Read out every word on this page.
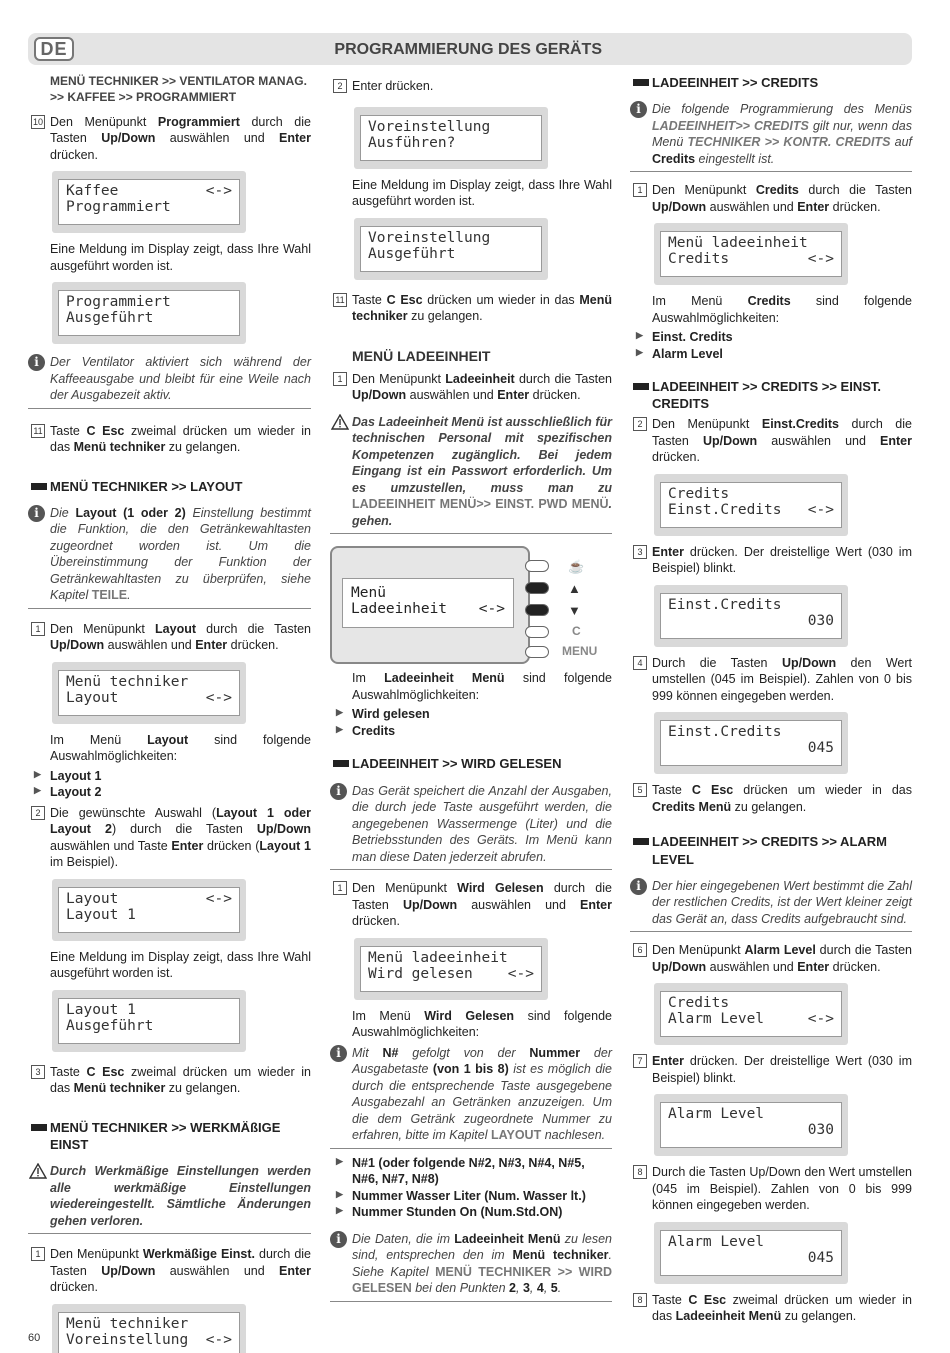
DE	PROGRAMMIERUNG DES GERÄTS
MENÜ TECHNIKER >> VENTILATOR MANAG. >> KAFFEE >> PROGRAMMIERT
10 Den Menüpunkt Programmiert durch die Tasten Up/Down auswählen und Enter drücken.
Kaffee	<->
Programmiert
Eine Meldung im Display zeigt, dass Ihre Wahl ausgeführt worden ist.
Programmiert
Ausgeführt
i Der Ventilator aktiviert sich während der Kaffeeausgabe und bleibt für eine Weile nach der Ausgabezeit aktiv.
11 Taste C Esc zweimal drücken um wieder in das Menü techniker zu gelangen.
MENÜ TECHNIKER >> LAYOUT
i Die Layout (1 oder 2) Einstellung bestimmt die Funktion, die den Getränkewahltasten zugeordnet worden ist. Um die Übereinstimmung der Funktion der Getränkewahltasten zu überprüfen, siehe Kapitel TEILE.
1 Den Menüpunkt Layout durch die Tasten Up/Down auswählen und Enter drücken.
Menü techniker
Layout	<->
Im Menü Layout sind folgende Auswahlmöglichkeiten:
▶ Layout 1
▶ Layout 2
2 Die gewünschte Auswahl (Layout 1 oder Layout 2) durch die Tasten Up/Down auswählen und Taste Enter drücken (Layout 1 im Beispiel).
Layout	<->
Layout 1
Eine Meldung im Display zeigt, dass Ihre Wahl ausgeführt worden ist.
Layout 1
Ausgeführt
3 Taste C Esc zweimal drücken um wieder in das Menü techniker zu gelangen.
MENÜ TECHNIKER >> WERKMÄßIGE EINST
Durch Werkmäßige Einstellungen werden alle werkmäßige Einstellungen wiedereingestellt. Sämtliche Änderungen gehen verloren.
1 Den Menüpunkt Werkmäßige Einst. durch die Tasten Up/Down auswählen und Enter drücken.
Menü techniker
Voreinstellung <->
2 Enter drücken.
Voreinstellung
Ausführen?
Eine Meldung im Display zeigt, dass Ihre Wahl ausgeführt worden ist.
Voreinstellung
Ausgeführt
11 Taste C Esc drücken um wieder in das Menü techniker zu gelangen.
MENÜ LADEEINHEIT
1 Den Menüpunkt Ladeeinheit durch die Tasten Up/Down auswählen und Enter drücken.
Das Ladeeinheit Menü ist ausschließlich für technischen Personal mit spezifischen Kompetenzen zugänglich. Bei jedem Eingang ist ein Passwort erforderlich. Um es umzustellen, muss man zu LADEEINHEIT MENÜ>> EINST. PWD MENÜ. gehen.
Menü
Ladeeinheit <->
☕
▲
▼
C
MENU
Im Ladeeinheit Menü sind folgende Auswahlmöglichkeiten:
▶ Wird gelesen
▶ Credits
LADEEINHEIT >> WIRD GELESEN
i Das Gerät speichert die Anzahl der Ausgaben, die durch jede Taste ausgeführt werden, die angegebenen Wassermenge (Liter) und die Betriebsstunden des Geräts. Im Menü kann man diese Daten jederzeit abrufen.
1 Den Menüpunkt Wird Gelesen durch die Tasten Up/Down auswählen und Enter drücken.
Menü ladeeinheit
Wird gelesen <->
Im Menü Wird Gelesen sind folgende Auswahlmöglichkeiten:
i Mit N# gefolgt von der Nummer der Ausgabetaste (von 1 bis 8) ist es möglich die durch die entsprechende Taste ausgegebene Ausgabezahl an Getränken anzuzeigen. Um die dem Getränk zugeordnete Nummer zu erfahren, bitte im Kapitel LAYOUT nachlesen.
▶ N#1 (oder folgende N#2, N#3, N#4, N#5, N#6, N#7, N#8)
▶ Nummer Wasser Liter (Num. Wasser lt.)
▶ Nummer Stunden On (Num.Std.ON)
i Die Daten, die im Ladeeinheit Menü zu lesen sind, entsprechen den im Menü techniker. Siehe Kapitel MENÜ TECHNIKER >> WIRD GELESEN bei den Punkten 2, 3, 4, 5.
LADEEINHEIT >> CREDITS
i Die folgende Programmierung des Menüs LADEEINHEIT>> CREDITS gilt nur, wenn das Menü TECHNIKER >> KONTR. CREDITS auf Credits eingestellt ist.
1 Den Menüpunkt Credits durch die Tasten Up/Down auswählen und Enter drücken.
Menü ladeeinheit
Credits	<->
Im Menü Credits sind folgende Auswahlmöglichkeiten:
▶ Einst. Credits
▶ Alarm Level
LADEEINHEIT >> CREDITS >> EINST. CREDITS
2 Den Menüpunkt Einst.Credits durch die Tasten Up/Down auswählen und Enter drücken.
Credits
Einst.Credits <->
3 Enter drücken. Der dreistellige Wert (030 im Beispiel) blinkt.
Einst.Credits
030
4 Durch die Tasten Up/Down den Wert umstellen (045 im Beispiel). Zahlen von 0 bis 999 können eingegeben werden.
Einst.Credits
045
5 Taste C Esc drücken um wieder in das Credits Menü zu gelangen.
LADEEINHEIT >> CREDITS >> ALARM LEVEL
i Der hier eingegebenen Wert bestimmt die Zahl der restlichen Credits, ist der Wert kleiner zeigt das Gerät an, dass Credits aufgebraucht sind.
6 Den Menüpunkt Alarm Level durch die Tasten Up/Down auswählen und Enter drücken.
Credits
Alarm Level	<->
7 Enter drücken. Der dreistellige Wert (030 im Beispiel) blinkt.
Alarm Level
030
8 Durch die Tasten Up/Down den Wert umstellen (045 im Beispiel). Zahlen von 0 bis 999 können eingegeben werden.
Alarm Level
045
8 Taste C Esc zweimal drücken um wieder in das Ladeeinheit Menü zu gelangen.
60
